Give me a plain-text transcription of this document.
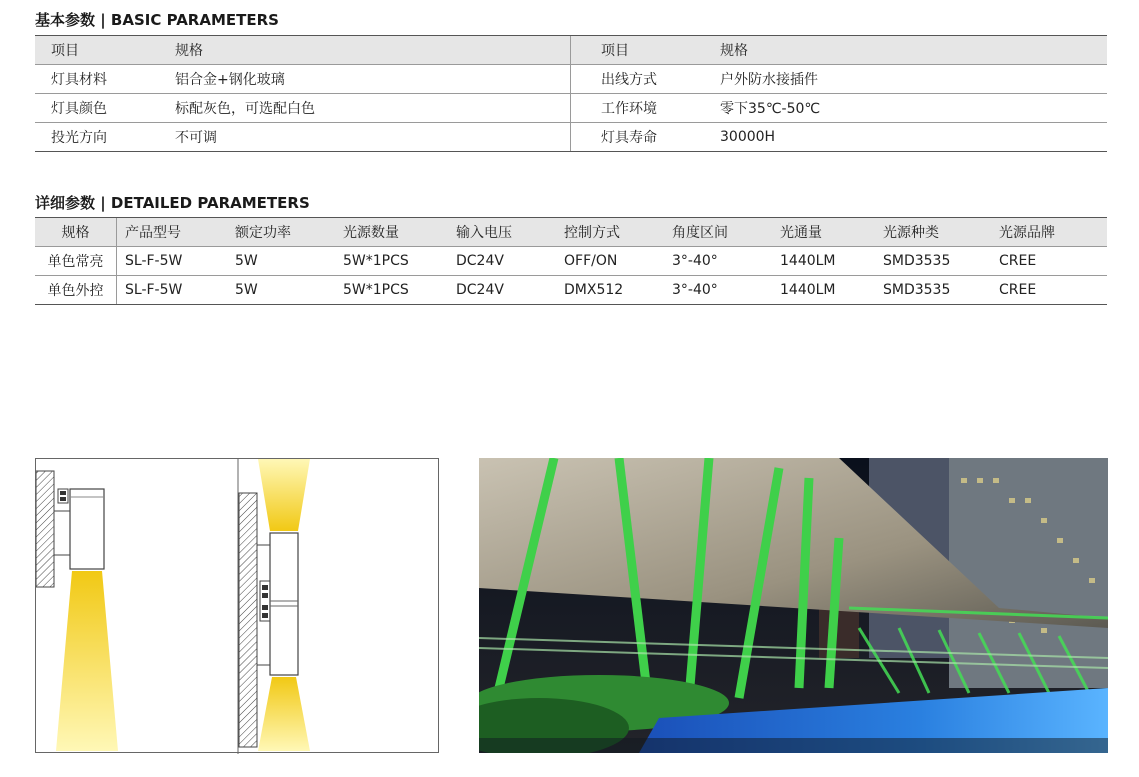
基本参数 | BASIC PARAMETERS
项目	规格	项目	规格
灯具材料	铝合金+钢化玻璃	出线方式	户外防水接插件
灯具颜色	标配灰色，可选配白色	工作环境	零下35℃-50℃
投光方向	不可调	灯具寿命	30000H
详细参数 | DETAILED PARAMETERS
规格	产品型号	额定功率	光源数量	输入电压	控制方式	角度区间	光通量	光源种类	光源品牌
单色常亮	SL-F-5W	5W	5W*1PCS	DC24V	OFF/ON	3°-40°	1440LM	SMD3535	CREE
单色外控	SL-F-5W	5W	5W*1PCS	DC24V	DMX512	3°-40°	1440LM	SMD3535	CREE
